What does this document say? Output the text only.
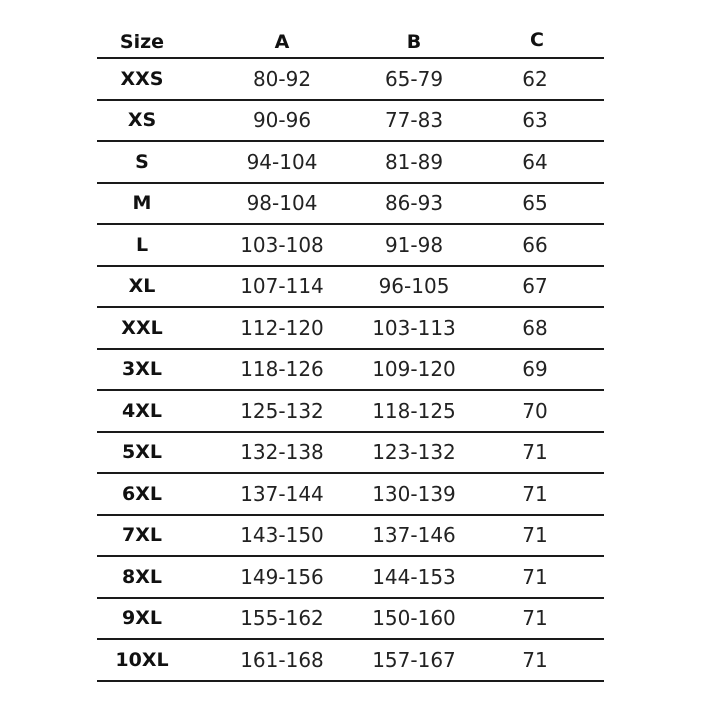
Size	A	B	C
XXS	80-92	65-79	62
XS	90-96	77-83	63
S	94-104	81-89	64
M	98-104	86-93	65
L	103-108	91-98	66
XL	107-114	96-105	67
XXL	112-120	103-113	68
3XL	118-126	109-120	69
4XL	125-132	118-125	70
5XL	132-138	123-132	71
6XL	137-144	130-139	71
7XL	143-150	137-146	71
8XL	149-156	144-153	71
9XL	155-162	150-160	71
10XL	161-168	157-167	71
